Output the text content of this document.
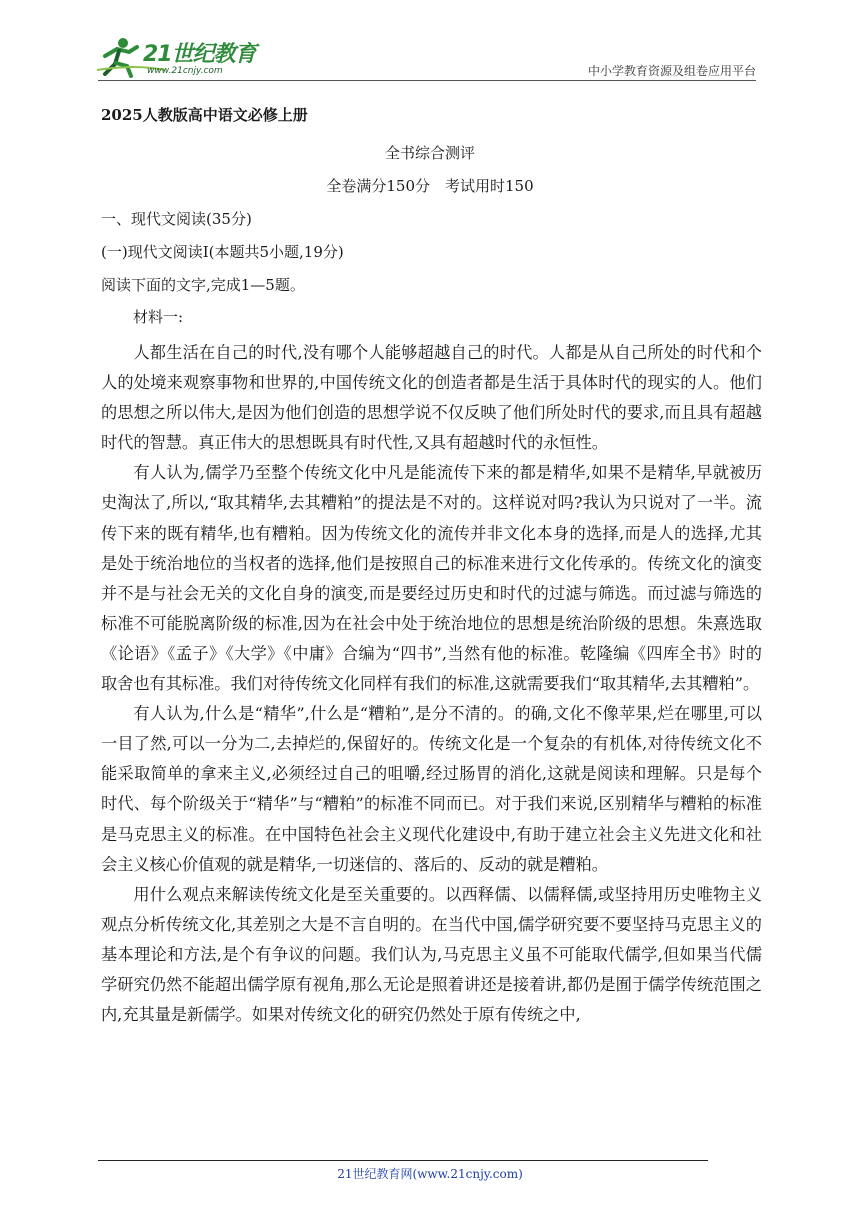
21世纪教育
www.21cnjy.com	中小学教育资源及组卷应用平台
2025人教版高中语文必修上册
全书综合测评
全卷满分150分　考试用时150
一、现代文阅读(35分)
(一)现代文阅读Ⅰ(本题共5小题,19分)
阅读下面的文字,完成1—5题。
材料一:

人都生活在自己的时代,没有哪个人能够超越自己的时代。人都是从自己所处的时代和个人的处境来观察事物和世界的,中国传统文化的创造者都是生活于具体时代的现实的人。他们的思想之所以伟大,是因为他们创造的思想学说不仅反映了他们所处时代的要求,而且具有超越时代的智慧。真正伟大的思想既具有时代性,又具有超越时代的永恒性。

有人认为,儒学乃至整个传统文化中凡是能流传下来的都是精华,如果不是精华,早就被历史淘汰了,所以,“取其精华,去其糟粕”的提法是不对的。这样说对吗?我认为只说对了一半。流传下来的既有精华,也有糟粕。因为传统文化的流传并非文化本身的选择,而是人的选择,尤其是处于统治地位的当权者的选择,他们是按照自己的标准来进行文化传承的。传统文化的演变并不是与社会无关的文化自身的演变,而是要经过历史和时代的过滤与筛选。而过滤与筛选的标准不可能脱离阶级的标准,因为在社会中处于统治地位的思想是统治阶级的思想。朱熹选取《论语》《孟子》《大学》《中庸》合编为“四书”,当然有他的标准。乾隆编《四库全书》时的取舍也有其标准。我们对待传统文化同样有我们的标准,这就需要我们“取其精华,去其糟粕”。

有人认为,什么是“精华”,什么是“糟粕”,是分不清的。的确,文化不像苹果,烂在哪里,可以一目了然,可以一分为二,去掉烂的,保留好的。传统文化是一个复杂的有机体,对待传统文化不能采取简单的拿来主义,必须经过自己的咀嚼,经过肠胃的消化,这就是阅读和理解。只是每个时代、每个阶级关于“精华”与“糟粕”的标准不同而已。对于我们来说,区别精华与糟粕的标准是马克思主义的标准。在中国特色社会主义现代化建设中,有助于建立社会主义先进文化和社会主义核心价值观的就是精华,一切迷信的、落后的、反动的就是糟粕。

用什么观点来解读传统文化是至关重要的。以西释儒、以儒释儒,或坚持用历史唯物主义观点分析传统文化,其差别之大是不言自明的。在当代中国,儒学研究要不要坚持马克思主义的基本理论和方法,是个有争议的问题。我们认为,马克思主义虽不可能取代儒学,但如果当代儒学研究仍然不能超出儒学原有视角,那么无论是照着讲还是接着讲,都仍是囿于儒学传统范围之内,充其量是新儒学。如果对传统文化的研究仍然处于原有传统之中,

21世纪教育网(www.21cnjy.com)
